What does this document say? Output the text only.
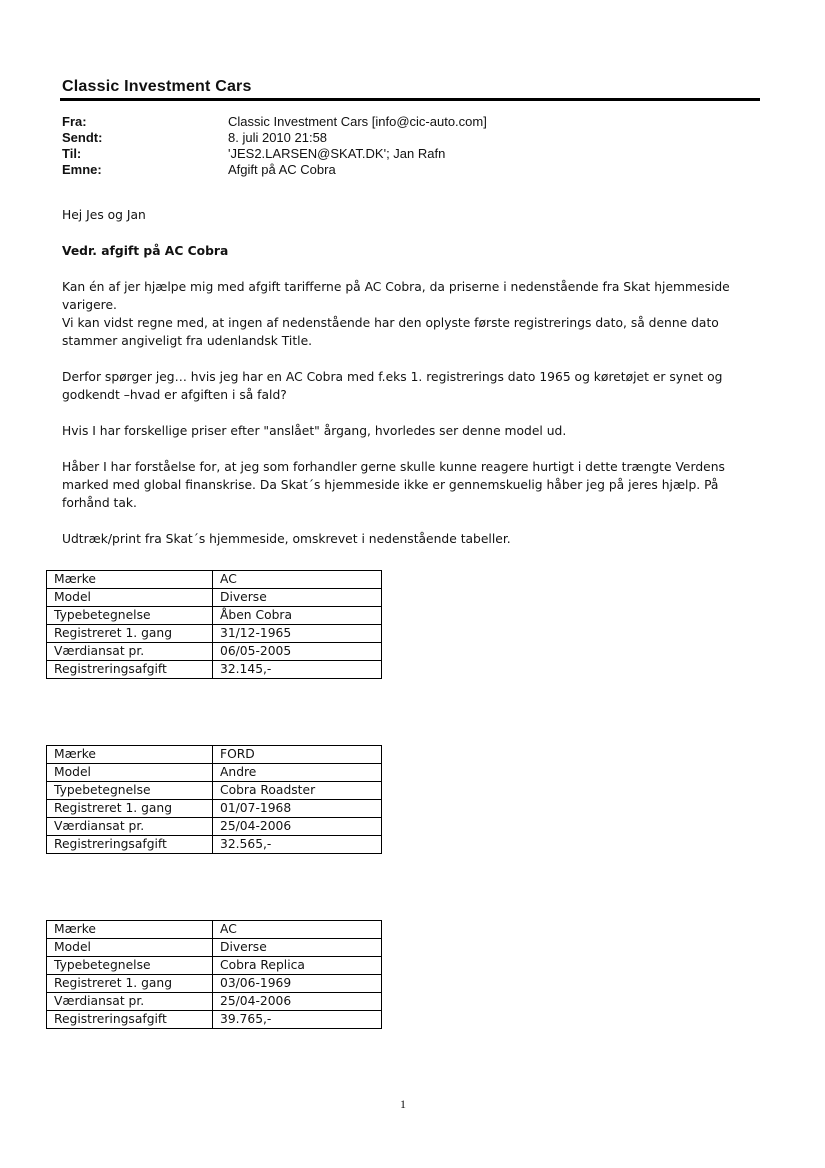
Classic Investment Cars
Fra:	Classic Investment Cars [info@cic-auto.com]
Sendt:	8. juli 2010 21:58
Til:	'JES2.LARSEN@SKAT.DK'; Jan Rafn
Emne:	Afgift på AC Cobra

Hej Jes og Jan

Vedr. afgift på AC Cobra

Kan én af jer hjælpe mig med afgift tarifferne på AC Cobra, da priserne i nedenstående fra Skat hjemmeside varigere.

Vi kan vidst regne med, at ingen af nedenstående har den oplyste første registrerings dato, så denne dato stammer angiveligt fra udenlandsk Title.

Derfor spørger jeg… hvis jeg har en AC Cobra med f.eks 1. registrerings dato 1965 og køretøjet er synet og godkendt –hvad er afgiften i så fald?

Hvis I har forskellige priser efter "anslået" årgang, hvorledes ser denne model ud.

Håber I har forståelse for, at jeg som forhandler gerne skulle kunne reagere hurtigt i dette trængte Verdens marked med global finanskrise. Da Skat´s hjemmeside ikke er gennemskuelig håber jeg på jeres hjælp. På forhånd tak.

Udtræk/print fra Skat´s hjemmeside, omskrevet i nedenstående tabeller.

Mærke	AC
Model	Diverse
Typebetegnelse	Åben Cobra
Registreret 1. gang	31/12-1965
Værdiansat pr.	06/05-2005
Registreringsafgift	32.145,-
Mærke	FORD
Model	Andre
Typebetegnelse	Cobra Roadster
Registreret 1. gang	01/07-1968
Værdiansat pr.	25/04-2006
Registreringsafgift	32.565,-
Mærke	AC
Model	Diverse
Typebetegnelse	Cobra Replica
Registreret 1. gang	03/06-1969
Værdiansat pr.	25/04-2006
Registreringsafgift	39.765,-
1
